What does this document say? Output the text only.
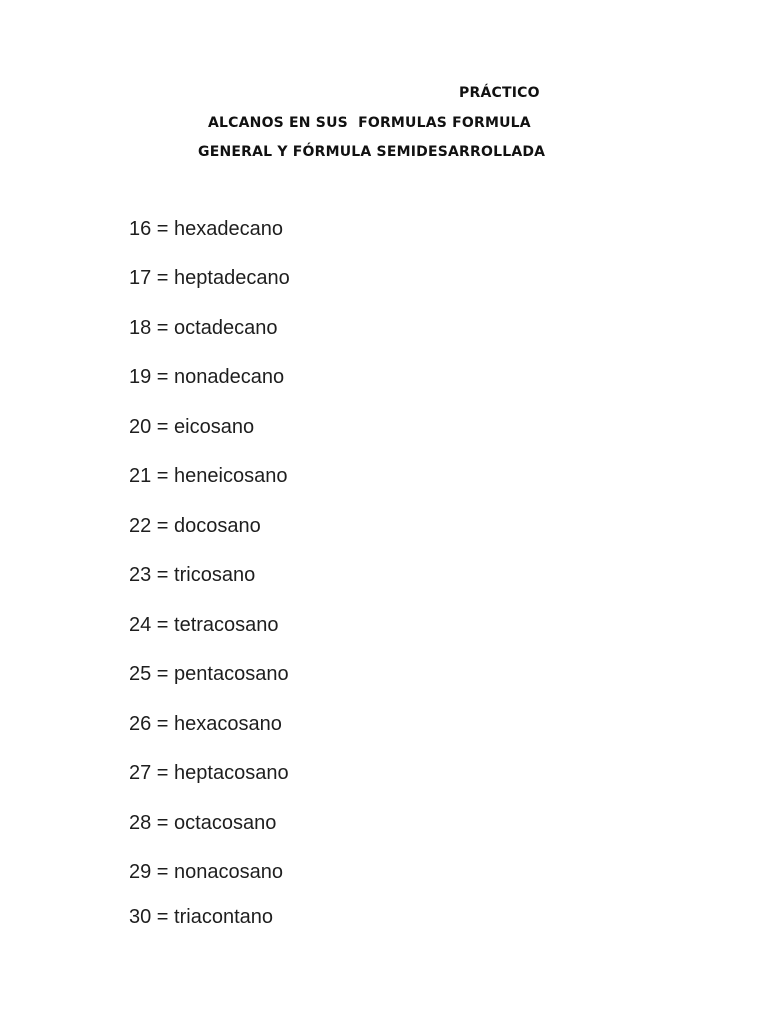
PRÁCTICO
ALCANOS EN SUS  FORMULAS FORMULA
GENERAL Y FÓRMULA SEMIDESARROLLADA
16 = hexadecano
17 = heptadecano
18 = octadecano
19 = nonadecano
20 = eicosano
21 = heneicosano
22 = docosano
23 = tricosano
24 = tetracosano
25 = pentacosano
26 = hexacosano
27 = heptacosano
28 = octacosano
29 = nonacosano
30 = triacontano
